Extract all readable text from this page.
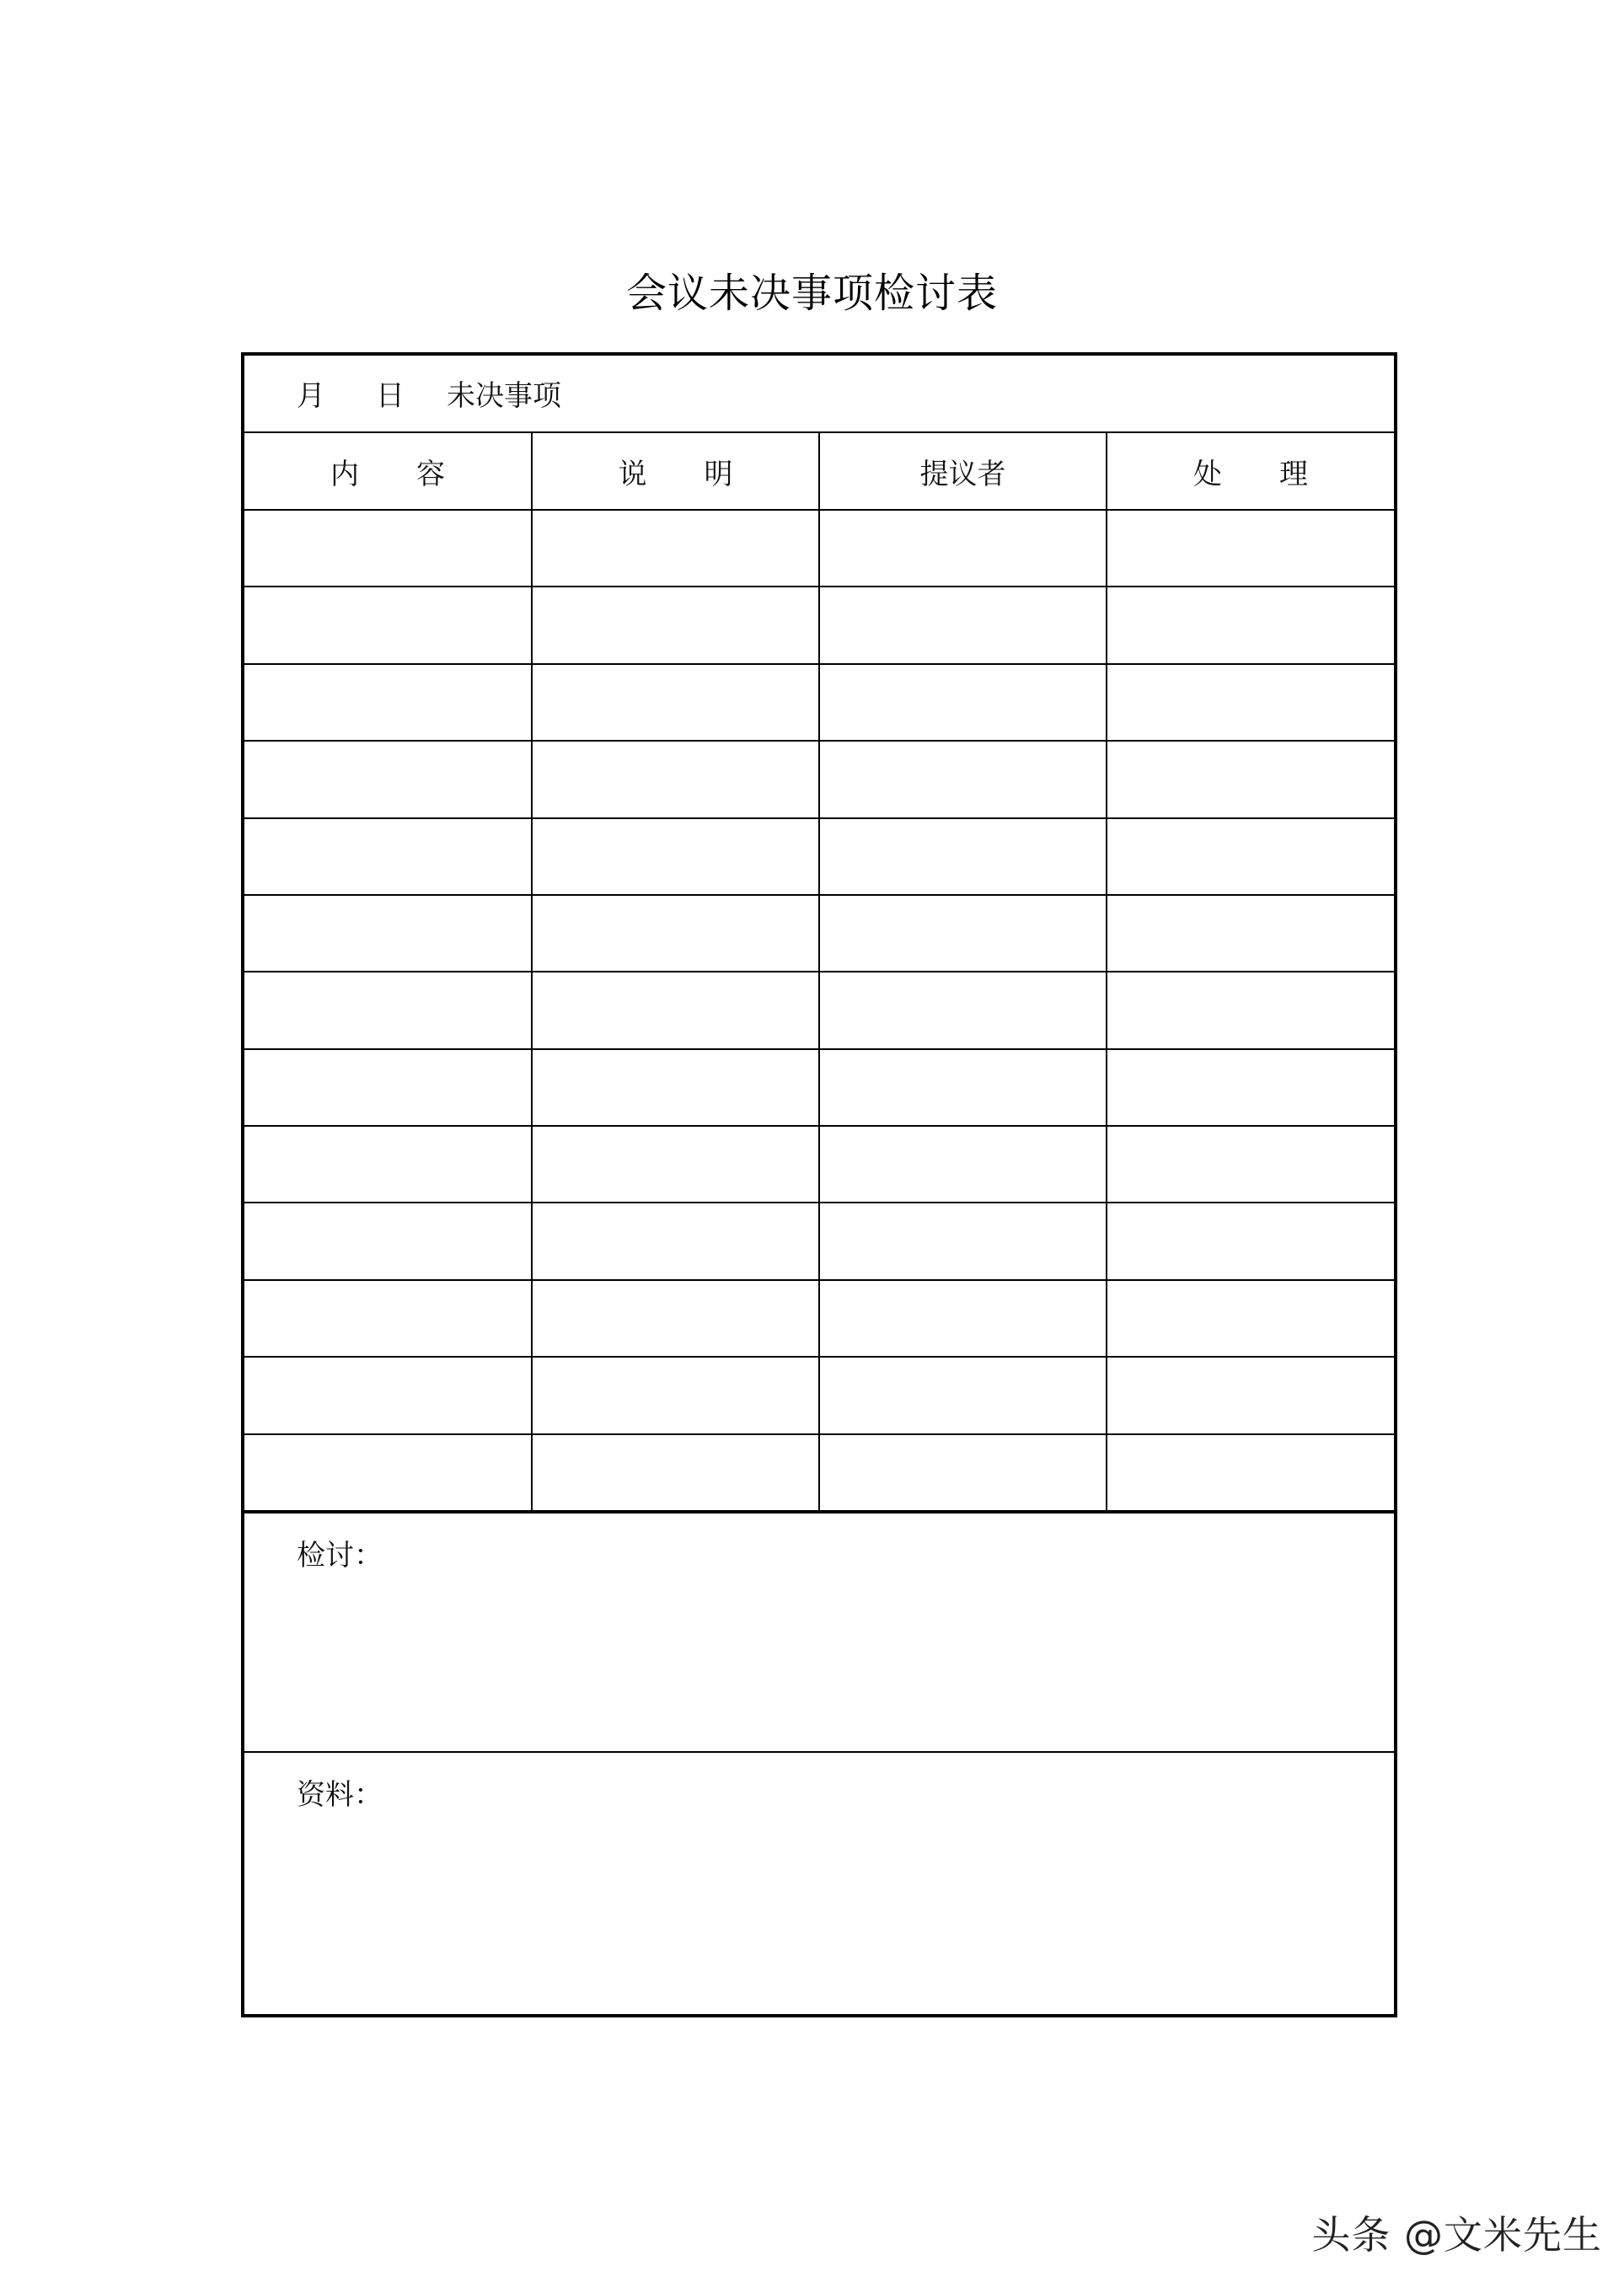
会议未决事项检讨表
月 日 未决事项
内　　容	说　　明	提议者	处　　理

检讨：
资料：
头条 @文米先生
